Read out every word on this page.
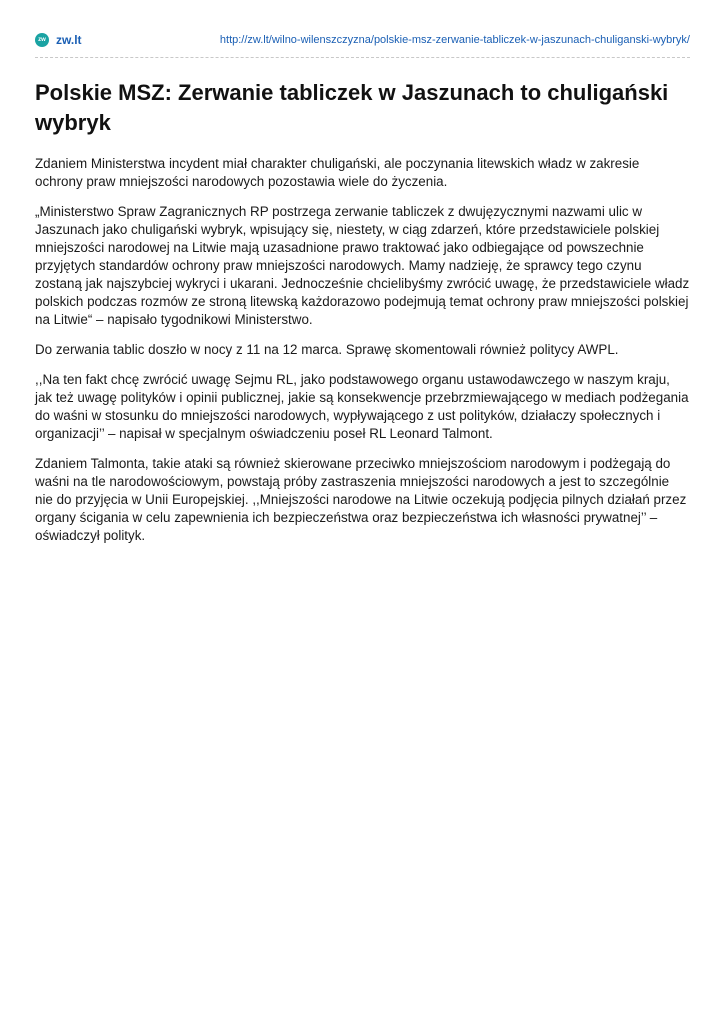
zw zw.lt	http://zw.lt/wilno-wilenszczyzna/polskie-msz-zerwanie-tabliczek-w-jaszunach-chuliganski-wybryk/
Polskie MSZ: Zerwanie tabliczek w Jaszunach to chuligański wybryk

Zdaniem Ministerstwa incydent miał charakter chuligański, ale poczynania litewskich władz w zakresie ochrony praw mniejszości narodowych pozostawia wiele do życzenia.

„Ministerstwo Spraw Zagranicznych RP postrzega zerwanie tabliczek z dwujęzycznymi nazwami ulic w Jaszunach jako chuligański wybryk, wpisujący się, niestety, w ciąg zdarzeń, które przedstawiciele polskiej mniejszości narodowej na Litwie mają uzasadnione prawo traktować jako odbiegające od powszechnie przyjętych standardów ochrony praw mniejszości narodowych. Mamy nadzieję, że sprawcy tego czynu zostaną jak najszybciej wykryci i ukarani. Jednocześnie chcielibyśmy zwrócić uwagę, że przedstawiciele władz polskich podczas rozmów ze stroną litewską każdorazowo podejmują temat ochrony praw mniejszości polskiej na Litwie“ – napisało tygodnikowi Ministerstwo.

Do zerwania tablic doszło w nocy z 11 na 12 marca. Sprawę skomentowali również politycy AWPL.

,,Na ten fakt chcę zwrócić uwagę Sejmu RL, jako podstawowego organu ustawodawczego w naszym kraju, jak też uwagę polityków i opinii publicznej, jakie są konsekwencje przebrzmiewającego w mediach podżegania do waśni w stosunku do mniejszości narodowych, wypływającego z ust polityków, działaczy społecznych i organizacji’’ – napisał w specjalnym oświadczeniu poseł RL Leonard Talmont.

Zdaniem Talmonta, takie ataki są również skierowane przeciwko mniejszościom narodowym i podżegają do waśni na tle narodowościowym, powstają próby zastraszenia mniejszości narodowych a jest to szczególnie nie do przyjęcia w Unii Europejskiej. ,,Mniejszości narodowe na Litwie oczekują podjęcia pilnych działań przez organy ścigania w celu zapewnienia ich bezpieczeństwa oraz bezpieczeństwa ich własności prywatnej’’ – oświadczył polityk.
